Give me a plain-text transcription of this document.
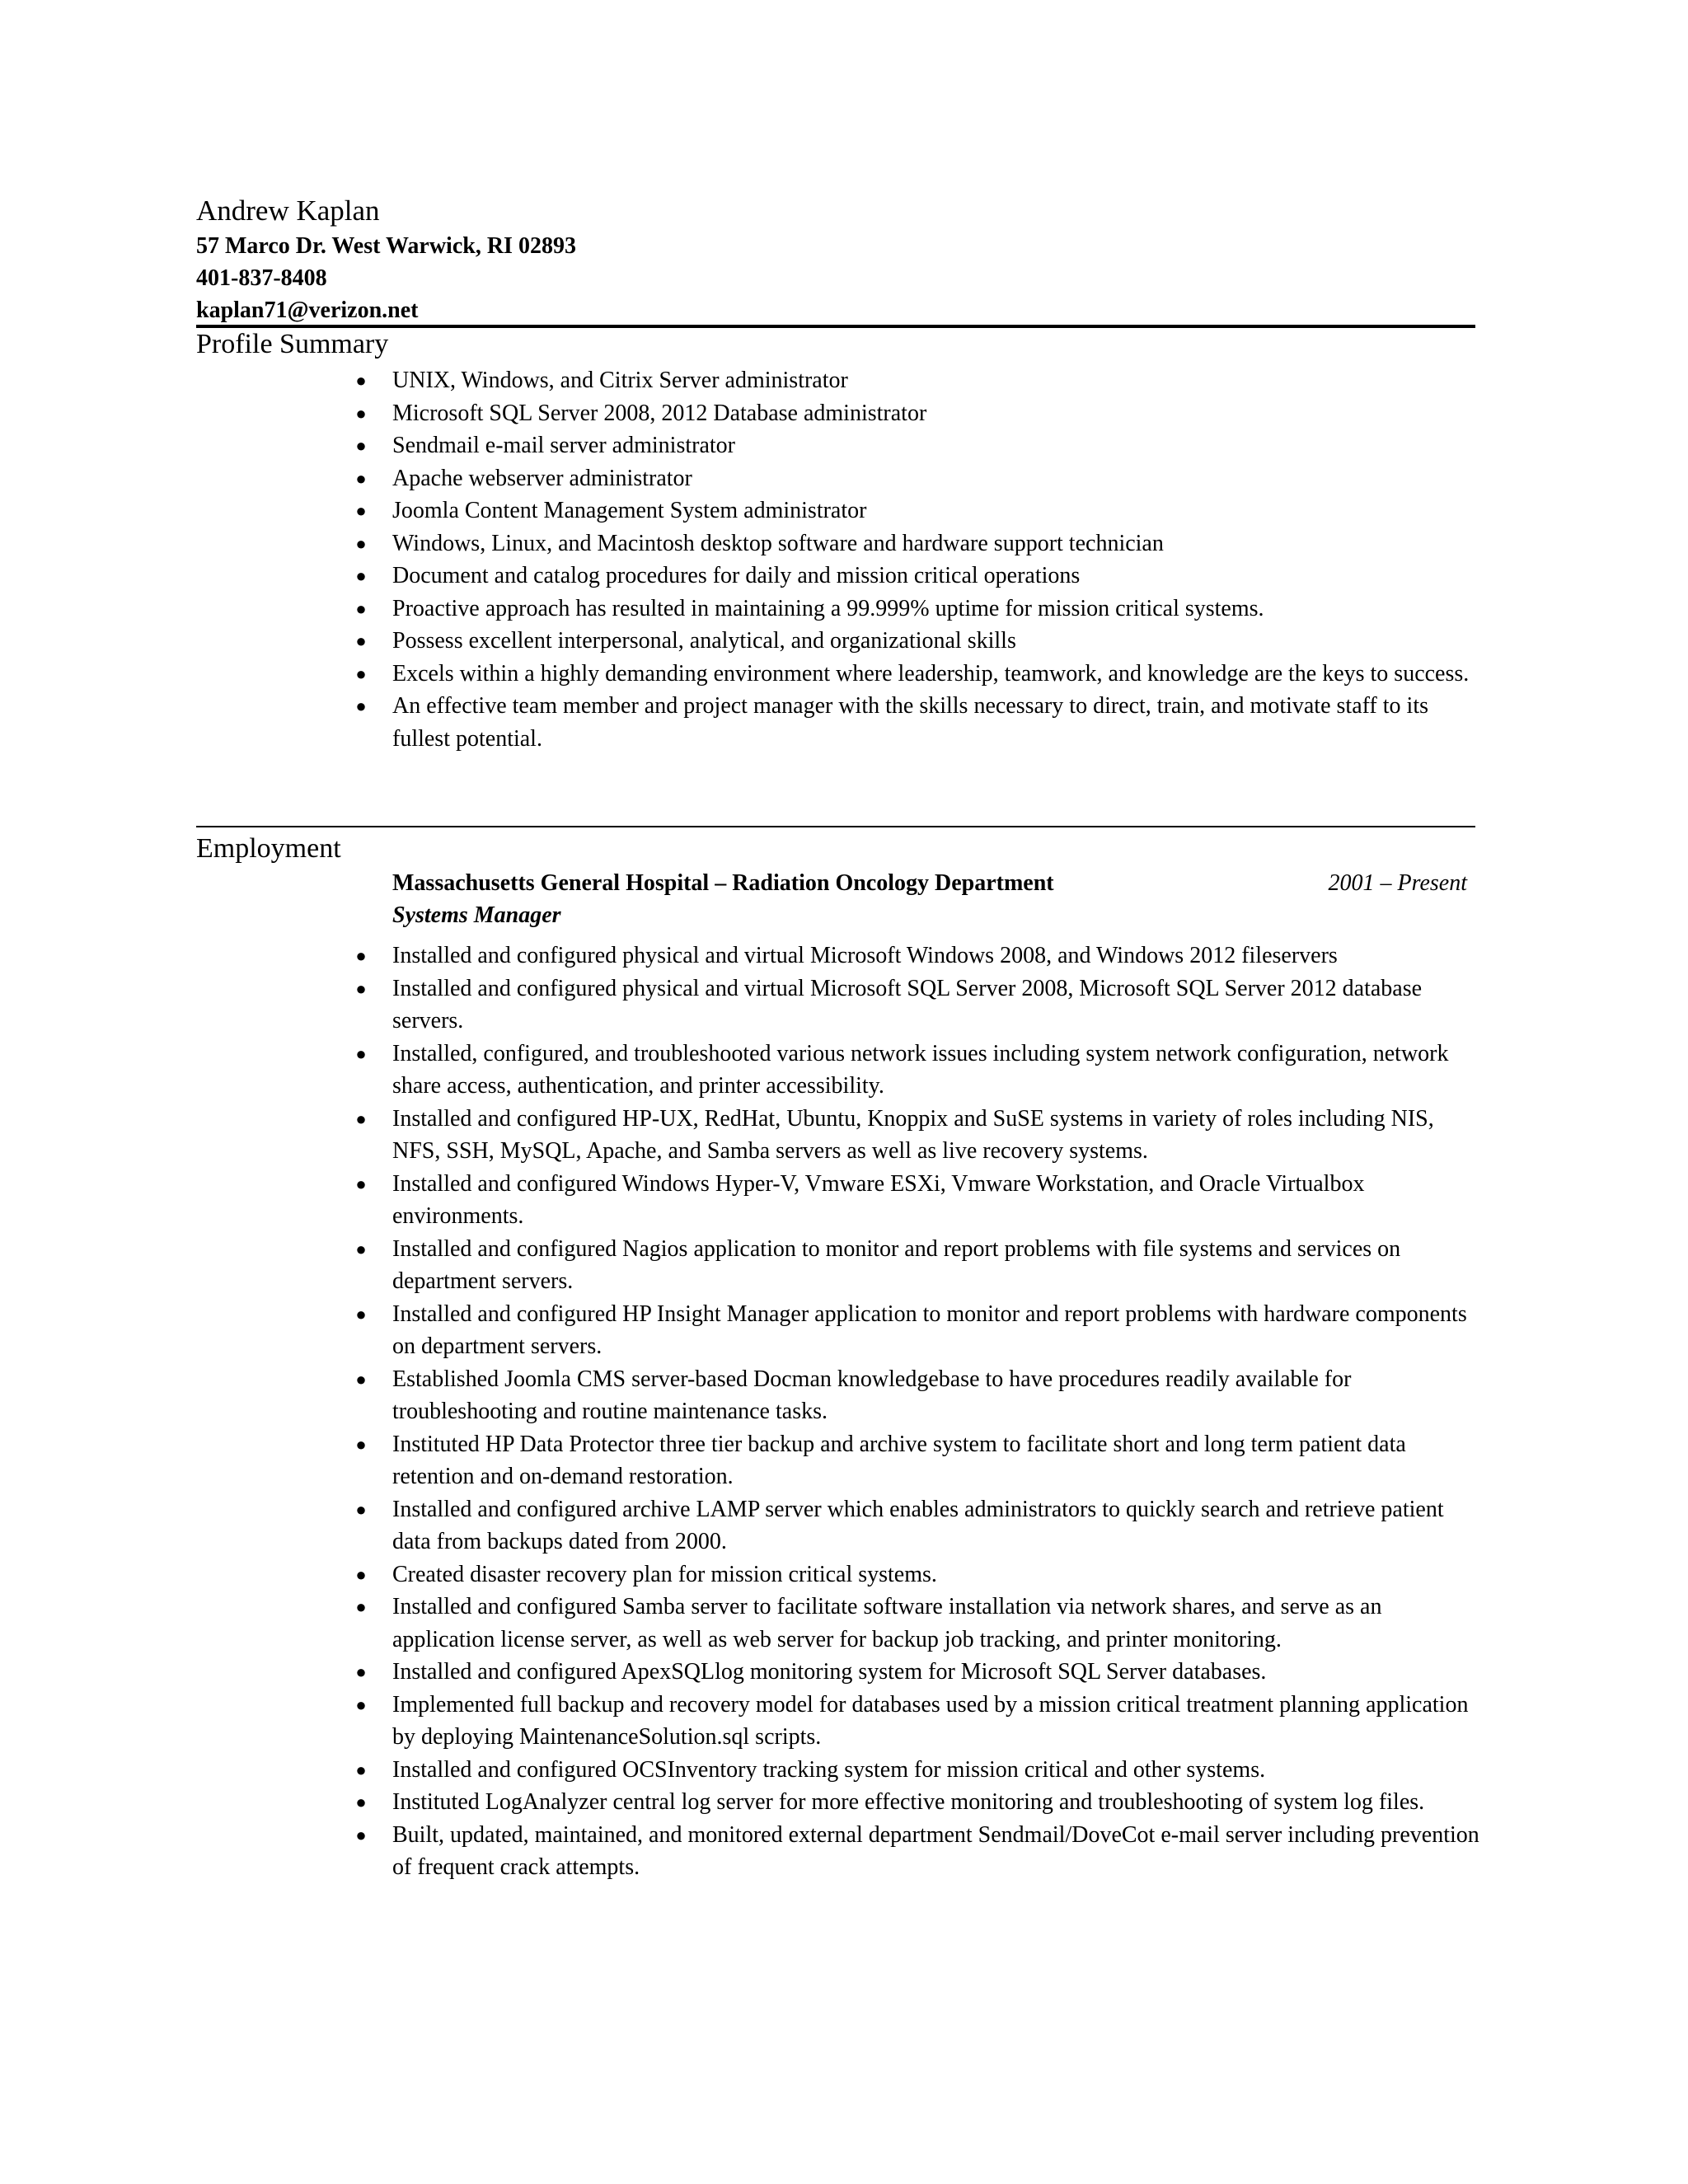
Andrew Kaplan

57 Marco Dr. West Warwick, RI 02893

401-837-8408

kaplan71@verizon.net

Profile Summary
● UNIX, Windows, and Citrix Server administrator
● Microsoft SQL Server 2008, 2012 Database administrator
● Sendmail e-mail server administrator
● Apache webserver administrator
● Joomla Content Management System administrator
● Windows, Linux, and Macintosh desktop software and hardware support technician
● Document and catalog procedures for daily and mission critical operations
● Proactive approach has resulted in maintaining a 99.999% uptime for mission critical systems.
● Possess excellent interpersonal, analytical, and organizational skills
● Excels within a highly demanding environment where leadership, teamwork, and knowledge are the keys to success.
● An effective team member and project manager with the skills necessary to direct, train, and motivate staff to its fullest potential.
Employment
Massachusetts General Hospital – Radiation Oncology Department	2001 – Present
Systems Manager
● Installed and configured physical and virtual Microsoft Windows 2008, and Windows 2012 fileservers
● Installed and configured physical and virtual Microsoft SQL Server 2008, Microsoft SQL Server 2012 database servers.
● Installed, configured, and troubleshooted various network issues including system network configuration, network share access, authentication, and printer accessibility.
● Installed and configured HP-UX, RedHat, Ubuntu, Knoppix and SuSE systems in variety of roles including NIS, NFS, SSH, MySQL, Apache, and Samba servers as well as live recovery systems.
● Installed and configured Windows Hyper-V, Vmware ESXi, Vmware Workstation, and Oracle Virtualbox environments.
● Installed and configured Nagios application to monitor and report problems with file systems and services on department servers.
● Installed and configured HP Insight Manager application to monitor and report problems with hardware components on department servers.
● Established Joomla CMS server-based Docman knowledgebase to have procedures readily available for troubleshooting and routine maintenance tasks.
● Instituted HP Data Protector three tier backup and archive system to facilitate short and long term patient data retention and on-demand restoration.
● Installed and configured archive LAMP server which enables administrators to quickly search and retrieve patient data from backups dated from 2000.
● Created disaster recovery plan for mission critical systems.
● Installed and configured Samba server to facilitate software installation via network shares, and serve as an application license server, as well as web server for backup job tracking, and printer monitoring.
● Installed and configured ApexSQLlog monitoring system for Microsoft SQL Server databases.
● Implemented full backup and recovery model for databases used by a mission critical treatment planning application by deploying MaintenanceSolution.sql scripts.
● Installed and configured OCSInventory tracking system for mission critical and other systems.
● Instituted LogAnalyzer central log server for more effective monitoring and troubleshooting of system log files.
● Built, updated, maintained, and monitored external department Sendmail/DoveCot e-mail server including prevention of frequent crack attempts.
